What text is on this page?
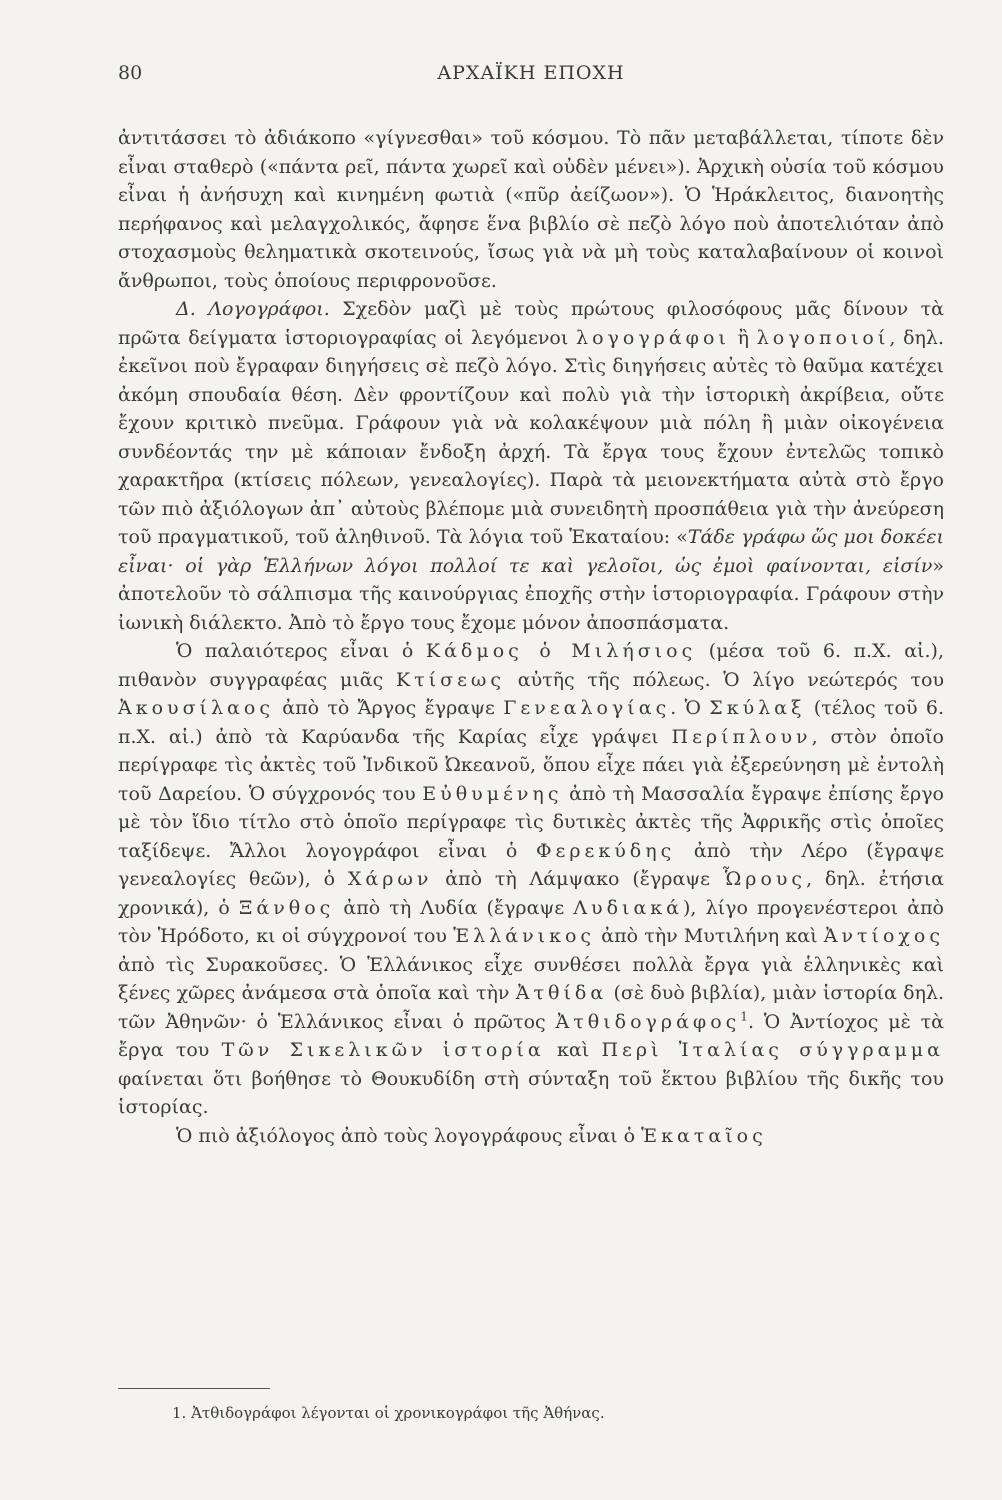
80	ΑΡΧΑΪΚΗ ΕΠΟΧΗ

ἀντιτάσσει τὸ ἀδιάκοπο «γίγνεσθαι» τοῦ κόσμου. Τὸ πᾶν μεταβάλλεται, τίποτε δὲν εἶναι σταθερὸ («πάντα ρεῖ, πάντα χωρεῖ καὶ οὐδὲν μένει»). Ἀρχικὴ οὐσία τοῦ κόσμου εἶναι ἡ ἀνήσυχη καὶ κινημένη φωτιὰ («πῦρ ἀείζωον»). Ὁ Ἡράκλειτος, διανοητὴς περήφανος καὶ μελαγχολικός, ἄφησε ἕνα βιβλίο σὲ πεζὸ λόγο ποὺ ἀποτελιόταν ἀπὸ στοχασμοὺς θεληματικὰ σκοτεινούς, ἴσως γιὰ νὰ μὴ τοὺς καταλαβαίνουν οἱ κοινοὶ ἄνθρωποι, τοὺς ὁποίους περιφρονοῦσε.

Δ. Λογογράφοι. Σχεδὸν μαζὶ μὲ τοὺς πρώτους φιλοσόφους μᾶς δίνουν τὰ πρῶτα δείγματα ἱστοριογραφίας οἱ λεγόμενοι λογογράφοι ἢ λογοποιοί, δηλ. ἐκεῖνοι ποὺ ἔγραφαν διηγήσεις σὲ πεζὸ λόγο. Στὶς διηγήσεις αὐτὲς τὸ θαῦμα κατέχει ἀκόμη σπουδαία θέση. Δὲν φροντίζουν καὶ πολὺ γιὰ τὴν ἱστορικὴ ἀκρίβεια, οὔτε ἔχουν κριτικὸ πνεῦμα. Γράφουν γιὰ νὰ κολακέψουν μιὰ πόλη ἢ μιὰν οἰκογένεια συνδέοντάς την μὲ κάποιαν ἔνδοξη ἀρχή. Τὰ ἔργα τους ἔχουν ἐντελῶς τοπικὸ χαρακτῆρα (κτίσεις πόλεων, γενεαλογίες). Παρὰ τὰ μειονεκτήματα αὐτὰ στὸ ἔργο τῶν πιὸ ἀξιόλογων ἀπ᾿ αὐτοὺς βλέπομε μιὰ συνειδητὴ προσπάθεια γιὰ τὴν ἀνεύρεση τοῦ πραγματικοῦ, τοῦ ἀληθινοῦ. Τὰ λόγια τοῦ Ἑκαταίου: «Τάδε γράφω ὥς μοι δοκέει εἶναι· οἱ γὰρ Ἑλλήνων λόγοι πολλοί τε καὶ γελοῖοι, ὡς ἐμοὶ φαίνονται, εἰσίν» ἀποτελοῦν τὸ σάλπισμα τῆς καινούργιας ἐποχῆς στὴν ἱστοριογραφία. Γράφουν στὴν ἰωνικὴ διάλεκτο. Ἀπὸ τὸ ἔργο τους ἔχομε μόνον ἀποσπάσματα.

Ὁ παλαιότερος εἶναι ὁ Κάδμος ὁ Μιλήσιος (μέσα τοῦ 6. π.Χ. αἰ.), πιθανὸν συγγραφέας μιᾶς Κτίσεως αὐτῆς τῆς πόλεως. Ὁ λίγο νεώτερός του Ἀκουσίλαος ἀπὸ τὸ Ἄργος ἔγραψε Γενεαλογίας. Ὁ Σκύλαξ (τέλος τοῦ 6. π.Χ. αἰ.) ἀπὸ τὰ Καρύανδα τῆς Καρίας εἶχε γράψει Περίπλουν, στὸν ὁποῖο περίγραφε τὶς ἀκτὲς τοῦ Ἰνδικοῦ Ὠκεανοῦ, ὅπου εἶχε πάει γιὰ ἐξερεύνηση μὲ ἐντολὴ τοῦ Δαρείου. Ὁ σύγχρονός του Εὐθυμένης ἀπὸ τὴ Μασσαλία ἔγραψε ἐπίσης ἔργο μὲ τὸν ἴδιο τίτλο στὸ ὁποῖο περίγραφε τὶς δυτικὲς ἀκτὲς τῆς Ἀφρικῆς στὶς ὁποῖες ταξίδεψε. Ἄλλοι λογογράφοι εἶναι ὁ Φερεκύδης ἀπὸ τὴν Λέρο (ἔγραψε γενεαλογίες θεῶν), ὁ Χάρων ἀπὸ τὴ Λάμψακο (ἔγραψε Ὧρους, δηλ. ἐτήσια χρονικά), ὁ Ξάνθος ἀπὸ τὴ Λυδία (ἔγραψε Λυδιακά), λίγο προγενέστεροι ἀπὸ τὸν Ἡρόδοτο, κι οἱ σύγχρονοί του Ἑλλάνικος ἀπὸ τὴν Μυτιλήνη καὶ Ἀντίοχος ἀπὸ τὶς Συρακοῦσες. Ὁ Ἑλλάνικος εἶχε συνθέσει πολλὰ ἔργα γιὰ ἑλληνικὲς καὶ ξένες χῶρες ἀνάμεσα στὰ ὁποῖα καὶ τὴν Ἀτθίδα (σὲ δυὸ βιβλία), μιὰν ἱστορία δηλ. τῶν Ἀθηνῶν· ὁ Ἑλλάνικος εἶναι ὁ πρῶτος Ἀτθιδογράφος$^1$. Ὁ Ἀντίοχος μὲ τὰ ἔργα του Τῶν Σικελικῶν ἱστορία καὶ Περὶ Ἰταλίας σύγγραμμα φαίνεται ὅτι βοήθησε τὸ Θουκυδίδη στὴ σύνταξη τοῦ ἕκτου βιβλίου τῆς δικῆς του ἱστορίας.

Ὁ πιὸ ἀξιόλογος ἀπὸ τοὺς λογογράφους εἶναι ὁ Ἑκαταῖος

1. Ἀτθιδογράφοι λέγονται οἱ χρονικογράφοι τῆς Ἀθήνας.
